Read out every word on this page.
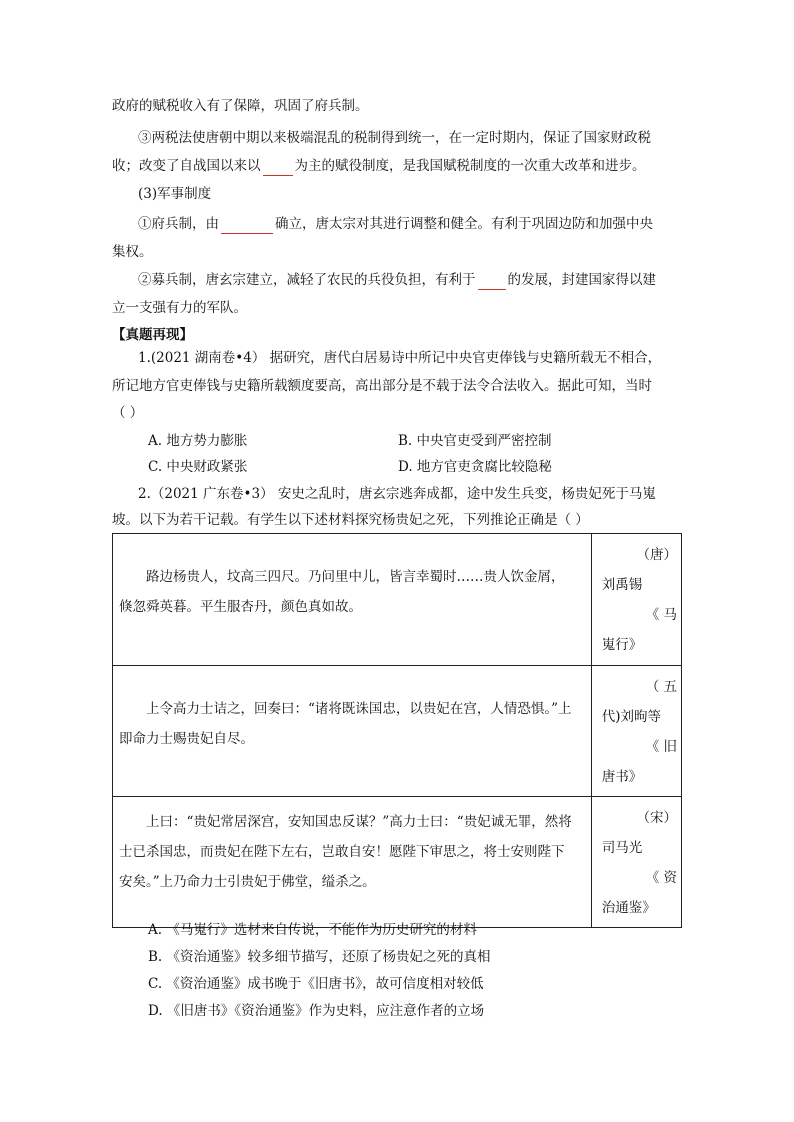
政府的赋税收入有了保障，巩固了府兵制。
③两税法使唐朝中期以来极端混乱的税制得到统一，在一定时期内，保证了国家财政税
收；改变了自战国以来以	为主的赋役制度，是我国赋税制度的一次重大改革和进步。
(3)军事制度
①府兵制，由	确立，唐太宗对其进行调整和健全。有利于巩固边防和加强中央
集权。
②募兵制，唐玄宗建立，减轻了农民的兵役负担，有利于 的发展，封建国家得以建
立一支强有力的军队。
【真题再现】
1.(2021 湖南卷•4） 据研究，唐代白居易诗中所记中央官吏俸钱与史籍所载无不相合，
所记地方官吏俸钱与史籍所载额度要高，高出部分是不载于法令合法收入。据此可知，当时
（ ）
A. 地方势力膨胀	B. 中央官吏受到严密控制
C. 中央财政紧张	D. 地方官吏贪腐比较隐秘
2.（2021 广东卷•3） 安史之乱时，唐玄宗逃奔成都，途中发生兵变，杨贵妃死于马嵬
坡。以下为若干记载。有学生以下述材料探究杨贵妃之死，下列推论正确是（ ）

路边杨贵人，坟高三四尺。乃问里中儿，皆言幸蜀时……贵人饮金屑，倏忽舜英暮。平生服杏丹，颜色真如故。	（唐）
刘禹锡

《 马
嵬行》

上令高力士诘之，回奏曰：“诸将既诛国忠，以贵妃在宫，人情恐惧。”上即命力士赐贵妃自尽。	（ 五
代)刘昫等

《 旧
唐书》

上曰：“贵妃常居深宫，安知国忠反谋？”高力士曰：“贵妃诚无罪，然将士已杀国忠，而贵妃在陛下左右，岂敢自安！愿陛下审思之，将士安则陛下安矣。”上乃命力士引贵妃于佛堂，缢杀之。	（宋）
司马光

《 资
治通鉴》
A. 《马嵬行》选材来自传说，不能作为历史研究的材料
B. 《资治通鉴》较多细节描写，还原了杨贵妃之死的真相
C. 《资治通鉴》成书晚于《旧唐书》，故可信度相对较低
D. 《旧唐书》《资治通鉴》作为史料，应注意作者的立场
